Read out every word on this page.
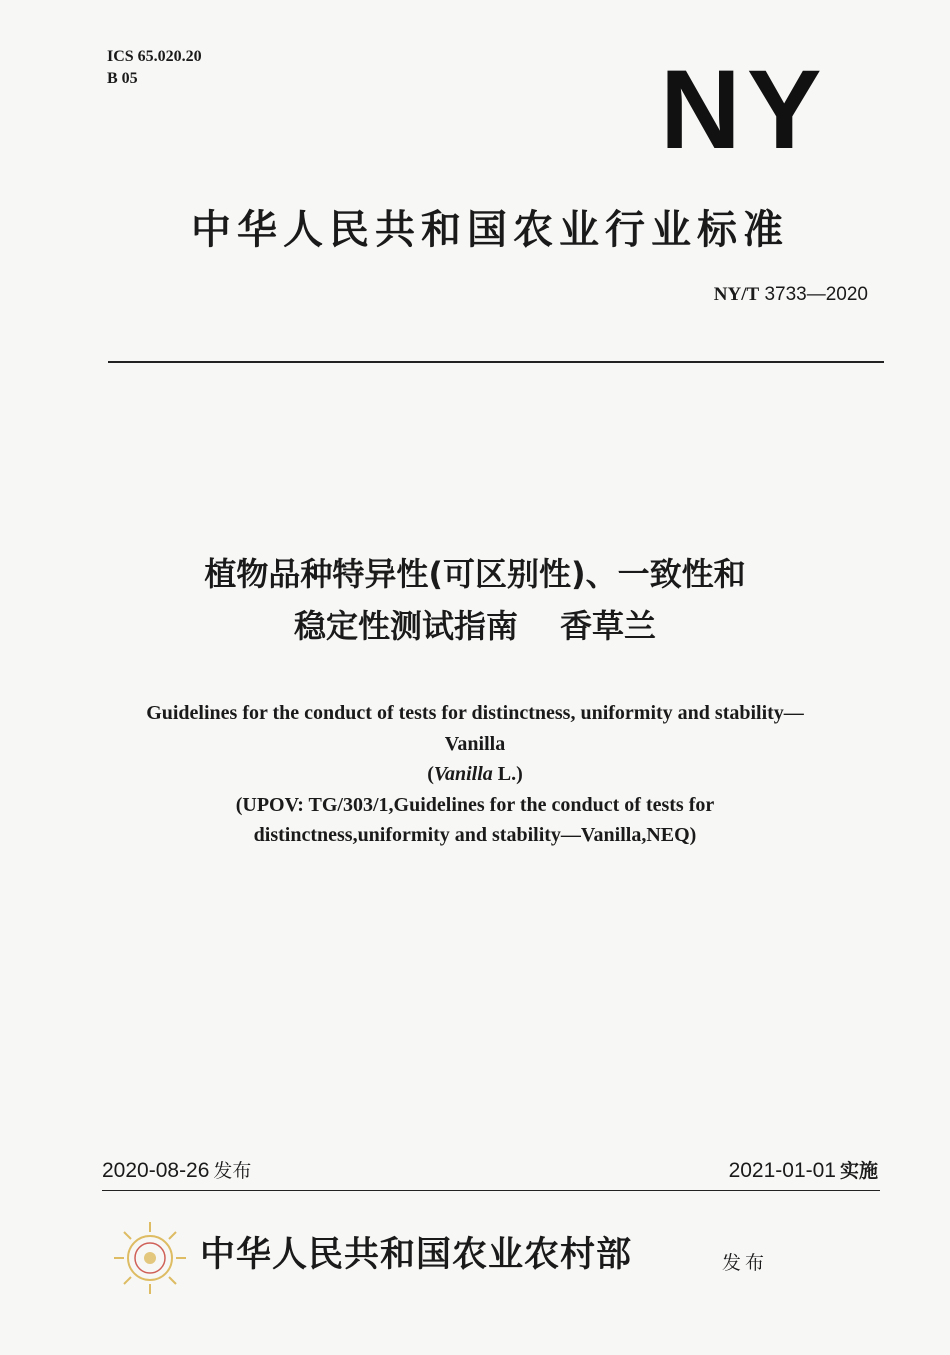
ICS 65.020.20
B 05	NY
中华人民共和国农业行业标准
NY/T 3733—2020
植物品种特异性(可区别性)、一致性和
稳定性测试指南 香草兰
Guidelines for the conduct of tests for distinctness, uniformity and stability—
Vanilla
(Vanilla L.)
(UPOV: TG/303/1,Guidelines for the conduct of tests for
distinctness,uniformity and stability—Vanilla,NEQ)
2020-08-26 发布	2021-01-01 实施
中华人民共和国农业农村部	发布
